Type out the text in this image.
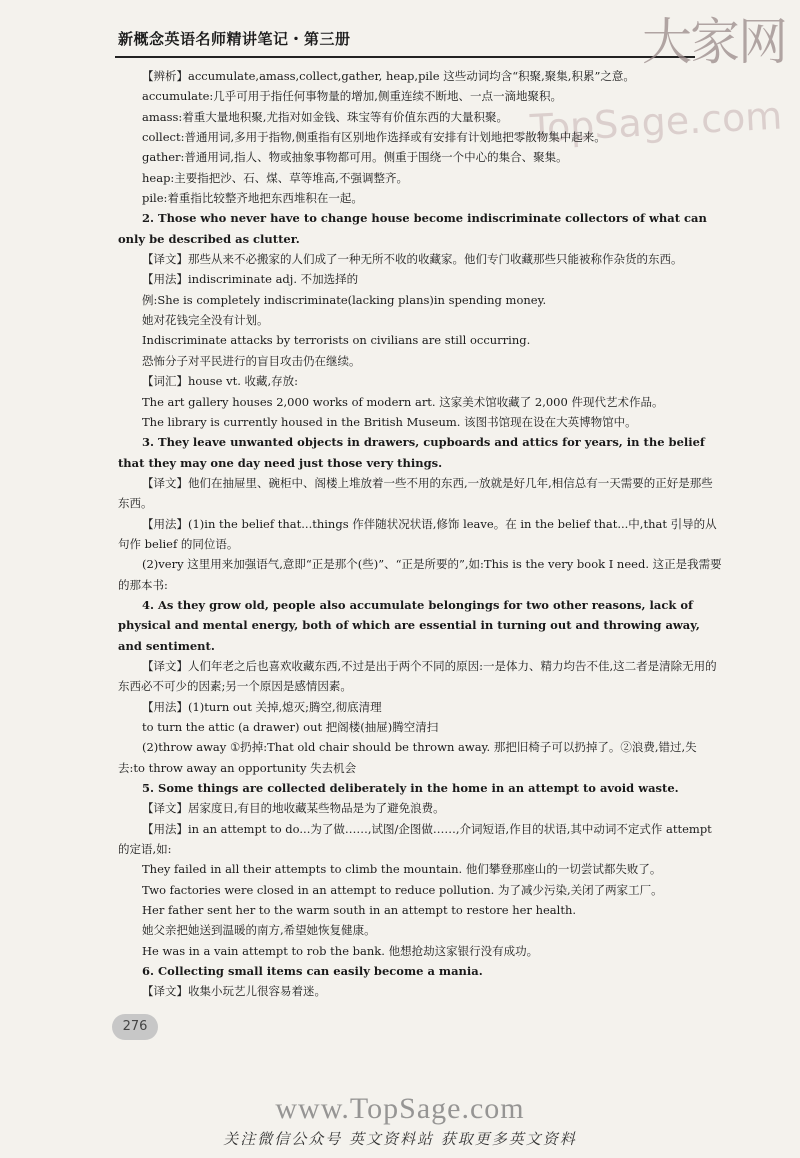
新概念英语名师精讲笔记・第三册	大家网
TopSage.com

【辨析】accumulate,amass,collect,gather, heap,pile 这些动词均含“积聚,聚集,积累”之意。

accumulate:几乎可用于指任何事物量的增加,侧重连续不断地、一点一滴地聚积。

amass:着重大量地积聚,尤指对如金钱、珠宝等有价值东西的大量积聚。

collect:普通用词,多用于指物,侧重指有区别地作选择或有安排有计划地把零散物集中起来。

gather:普通用词,指人、物或抽象事物都可用。侧重于围绕一个中心的集合、聚集。

heap:主要指把沙、石、煤、草等堆高,不强调整齐。

pile:着重指比较整齐地把东西堆积在一起。

2. Those who never have to change house become indiscriminate collectors of what can only be described as clutter.

【译文】那些从来不必搬家的人们成了一种无所不收的收藏家。他们专门收藏那些只能被称作杂货的东西。

【用法】indiscriminate adj. 不加选择的

例:She is completely indiscriminate(lacking plans)in spending money.

她对花钱完全没有计划。

Indiscriminate attacks by terrorists on civilians are still occurring.

恐怖分子对平民进行的盲目攻击仍在继续。

【词汇】house vt. 收藏,存放:

The art gallery houses 2,000 works of modern art. 这家美术馆收藏了 2,000 件现代艺术作品。

The library is currently housed in the British Museum. 该图书馆现在设在大英博物馆中。

3. They leave unwanted objects in drawers, cupboards and attics for years, in the belief that they may one day need just those very things.

【译文】他们在抽屉里、碗柜中、阁楼上堆放着一些不用的东西,一放就是好几年,相信总有一天需要的正好是那些东西。

【用法】(1)in the belief that...things 作伴随状况状语,修饰 leave。在 in the belief that...中,that 引导的从句作 belief 的同位语。

(2)very 这里用来加强语气,意即“正是那个(些)”、“正是所要的”,如:This is the very book I need. 这正是我需要的那本书:

4. As they grow old, people also accumulate belongings for two other reasons, lack of physical and mental energy, both of which are essential in turning out and throwing away, and sentiment.

【译文】人们年老之后也喜欢收藏东西,不过是出于两个不同的原因:一是体力、精力均告不佳,这二者是清除无用的东西必不可少的因素;另一个原因是感情因素。

【用法】(1)turn out 关掉,熄灭;腾空,彻底清理

to turn the attic (a drawer) out 把阁楼(抽屉)腾空清扫

(2)throw away ①扔掉:That old chair should be thrown away. 那把旧椅子可以扔掉了。②浪费,错过,失去:to throw away an opportunity 失去机会

5. Some things are collected deliberately in the home in an attempt to avoid waste.

【译文】居家度日,有目的地收藏某些物品是为了避免浪费。

【用法】in an attempt to do...为了做……,试图/企图做……,介词短语,作目的状语,其中动词不定式作 attempt 的定语,如:

They failed in all their attempts to climb the mountain. 他们攀登那座山的一切尝试都失败了。

Two factories were closed in an attempt to reduce pollution. 为了减少污染,关闭了两家工厂。

Her father sent her to the warm south in an attempt to restore her health.

她父亲把她送到温暖的南方,希望她恢复健康。

He was in a vain attempt to rob the bank. 他想抢劫这家银行没有成功。

6. Collecting small items can easily become a mania.

【译文】收集小玩艺儿很容易着迷。

276
www.TopSage.com
关注微信公众号 英文资料站 获取更多英文资料
